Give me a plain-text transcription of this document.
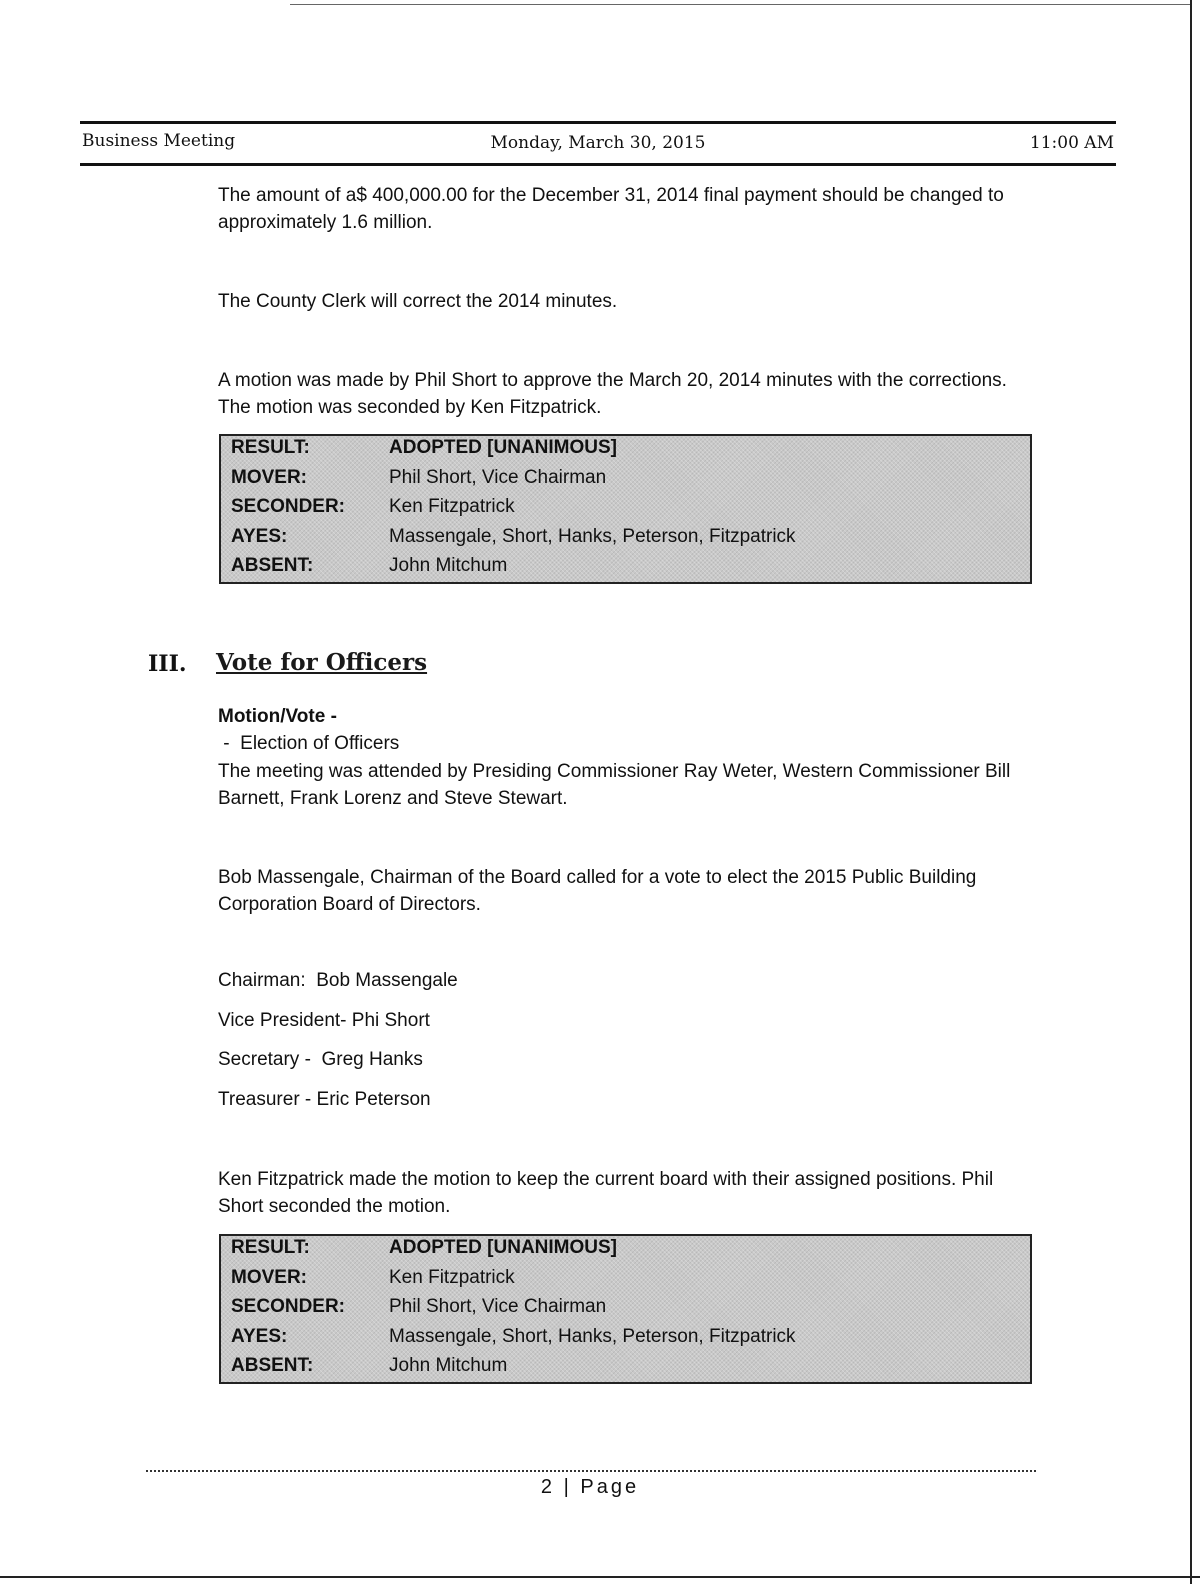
Business Meeting	Monday, March 30, 2015	11:00 AM
The amount of a$ 400,000.00 for the December 31, 2014 final payment should be changed to approximately 1.6 million.
The County Clerk will correct the 2014 minutes.
A motion was made by Phil Short to approve the March 20, 2014 minutes with the corrections. The motion was seconded by Ken Fitzpatrick.
RESULT:	ADOPTED [UNANIMOUS]
MOVER:	Phil Short, Vice Chairman
SECONDER: Ken Fitzpatrick
AYES:	Massengale, Short, Hanks, Peterson, Fitzpatrick
ABSENT:	John Mitchum
III. Vote for Officers
Motion/Vote -
-  Election of Officers
The meeting was attended by Presiding Commissioner Ray Weter, Western Commissioner Bill Barnett, Frank Lorenz and Steve Stewart.
Bob Massengale, Chairman of the Board called for a vote to elect the 2015 Public Building Corporation Board of Directors.
Chairman:  Bob Massengale
Vice President- Phi Short
Secretary -  Greg Hanks
Treasurer - Eric Peterson
Ken Fitzpatrick made the motion to keep the current board with their assigned positions. Phil Short seconded the motion.
RESULT:	ADOPTED [UNANIMOUS]
MOVER:	Ken Fitzpatrick
SECONDER: Phil Short, Vice Chairman
AYES:	Massengale, Short, Hanks, Peterson, Fitzpatrick
ABSENT:	John Mitchum
2 | Page
